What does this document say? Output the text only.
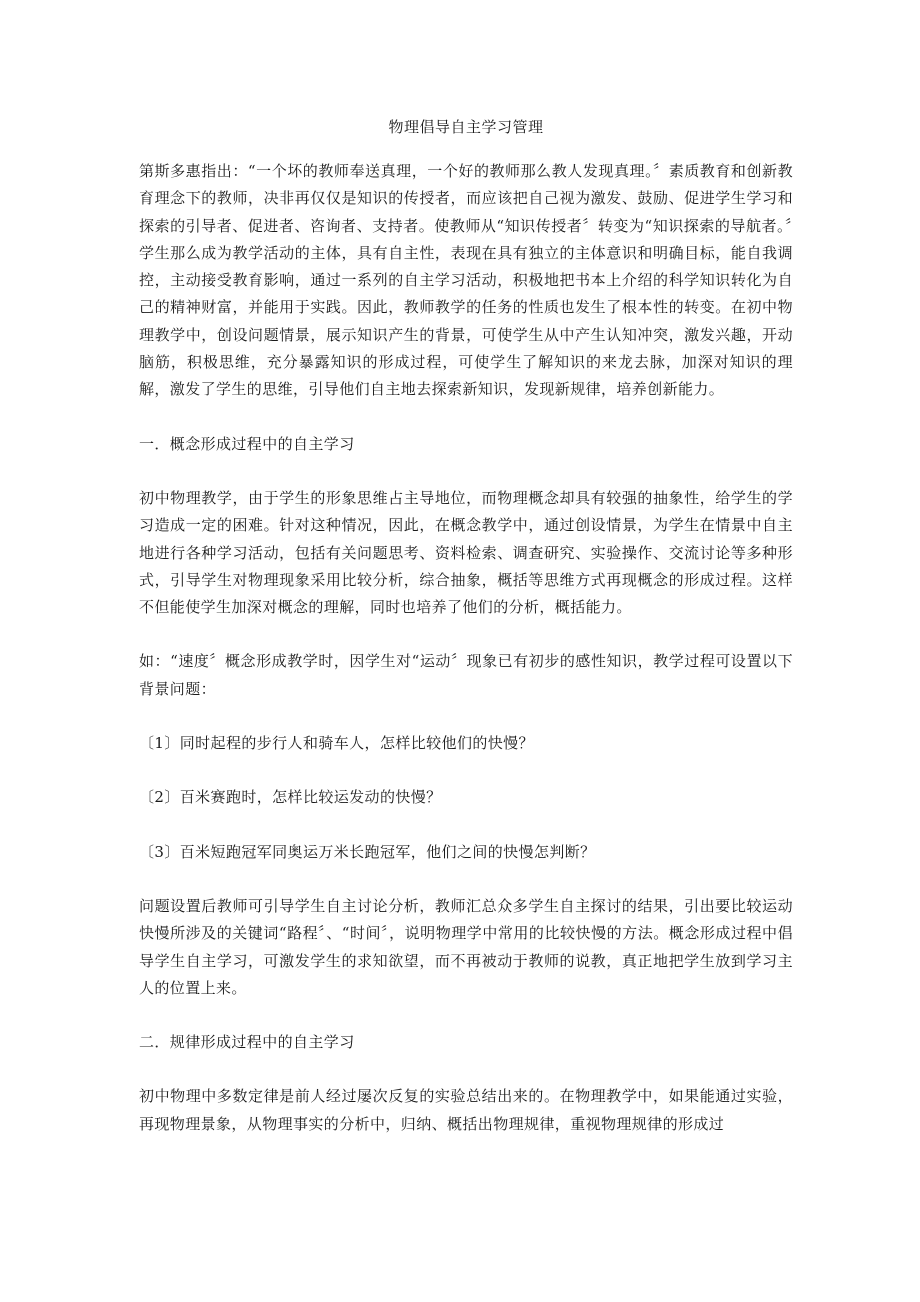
物理倡导自主学习管理

第斯多惠指出：“一个坏的教师奉送真理，一个好的教师那么教人发现真理。〞素质教育和创新教育理念下的教师，决非再仅仅是知识的传授者，而应该把自己视为激发、鼓励、促进学生学习和探索的引导者、促进者、咨询者、支持者。使教师从“知识传授者〞转变为“知识探索的导航者。〞学生那么成为教学活动的主体，具有自主性，表现在具有独立的主体意识和明确目标，能自我调控，主动接受教育影响，通过一系列的自主学习活动，积极地把书本上介绍的科学知识转化为自己的精神财富，并能用于实践。因此，教师教学的任务的性质也发生了根本性的转变。在初中物理教学中，创设问题情景，展示知识产生的背景，可使学生从中产生认知冲突，激发兴趣，开动脑筋，积极思维，充分暴露知识的形成过程，可使学生了解知识的来龙去脉，加深对知识的理解，激发了学生的思维，引导他们自主地去探索新知识，发现新规律，培养创新能力。

一．概念形成过程中的自主学习

初中物理教学，由于学生的形象思维占主导地位，而物理概念却具有较强的抽象性，给学生的学习造成一定的困难。针对这种情况，因此，在概念教学中，通过创设情景，为学生在情景中自主地进行各种学习活动，包括有关问题思考、资料检索、调查研究、实验操作、交流讨论等多种形式，引导学生对物理现象采用比较分析，综合抽象，概括等思维方式再现概念的形成过程。这样不但能使学生加深对概念的理解，同时也培养了他们的分析，概括能力。

如：“速度〞概念形成教学时，因学生对“运动〞现象已有初步的感性知识，教学过程可设置以下背景问题：

〔1〕同时起程的步行人和骑车人，怎样比较他们的快慢？

〔2〕百米赛跑时，怎样比较运发动的快慢？

〔3〕百米短跑冠军同奥运万米长跑冠军，他们之间的快慢怎判断？

问题设置后教师可引导学生自主讨论分析，教师汇总众多学生自主探讨的结果，引出要比较运动快慢所涉及的关键词“路程〞、“时间〞，说明物理学中常用的比较快慢的方法。概念形成过程中倡导学生自主学习，可激发学生的求知欲望，而不再被动于教师的说教，真正地把学生放到学习主人的位置上来。

二．规律形成过程中的自主学习

初中物理中多数定律是前人经过屡次反复的实验总结出来的。在物理教学中，如果能通过实验，再现物理景象，从物理事实的分析中，归纳、概括出物理规律，重视物理规律的形成过
